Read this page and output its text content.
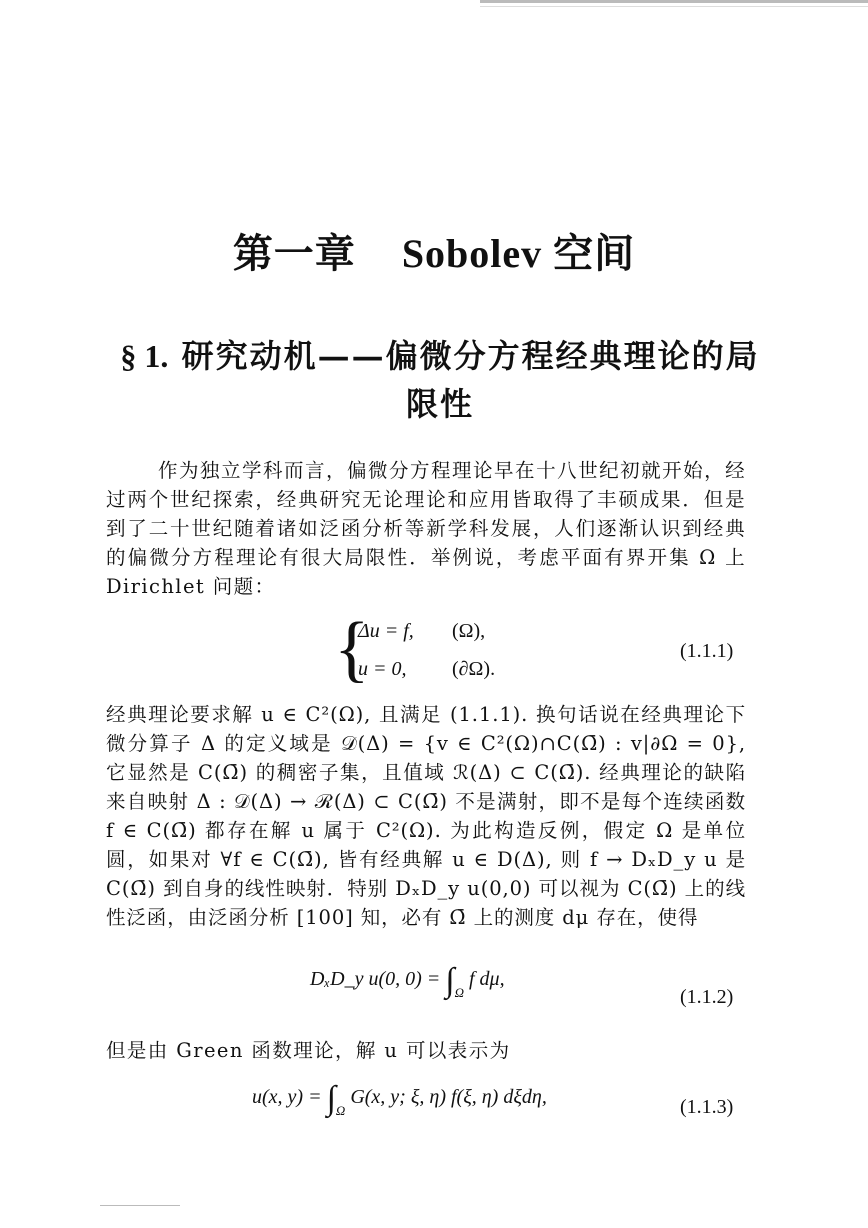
第一章 Sobolev 空间
§ 1. 研究动机——偏微分方程经典理论的局限性
作为独立学科而言，偏微分方程理论早在十八世纪初就开始，经过两个世纪探索，经典研究无论理论和应用皆取得了丰硕成果．但是到了二十世纪随着诸如泛函分析等新学科发展，人们逐渐认识到经典的偏微分方程理论有很大局限性．举例说，考虑平面有界开集 Ω 上 Dirichlet 问题：
{
Δu = f, (Ω),
u = 0, (∂Ω).
(1.1.1)
经典理论要求解 u ∈ C²(Ω), 且满足 (1.1.1). 换句话说在经典理论下微分算子 Δ 的定义域是 𝒟(Δ) = {v ∈ C²(Ω)∩C(Ω̄) : v|∂Ω = 0}, 它显然是 C(Ω̄) 的稠密子集，且值域 ℛ(Δ) ⊂ C(Ω̄). 经典理论的缺陷来自映射 Δ : 𝒟(Δ) → ℛ(Δ) ⊂ C(Ω̄) 不是满射，即不是每个连续函数 f ∈ C(Ω̄) 都存在解 u 属于 C²(Ω). 为此构造反例，假定 Ω 是单位圆，如果对 ∀f ∈ C(Ω̄), 皆有经典解 u ∈ D(Δ), 则 f → DₓD_y u 是 C(Ω̄) 到自身的线性映射．特别 DₓD_y u(0,0) 可以视为 C(Ω̄) 上的线性泛函，由泛函分析 [100] 知，必有 Ω̄ 上的测度 dμ 存在，使得
DₓD_y u(0, $0) = \int_\Omega$ f dμ,
(1.1.2)
但是由 Green 函数理论，解 u 可以表示为
u(x, $y) = \int_\Omega$ G(x, y; ξ, η) f(ξ, η) dξdη,	(1.1.3)
